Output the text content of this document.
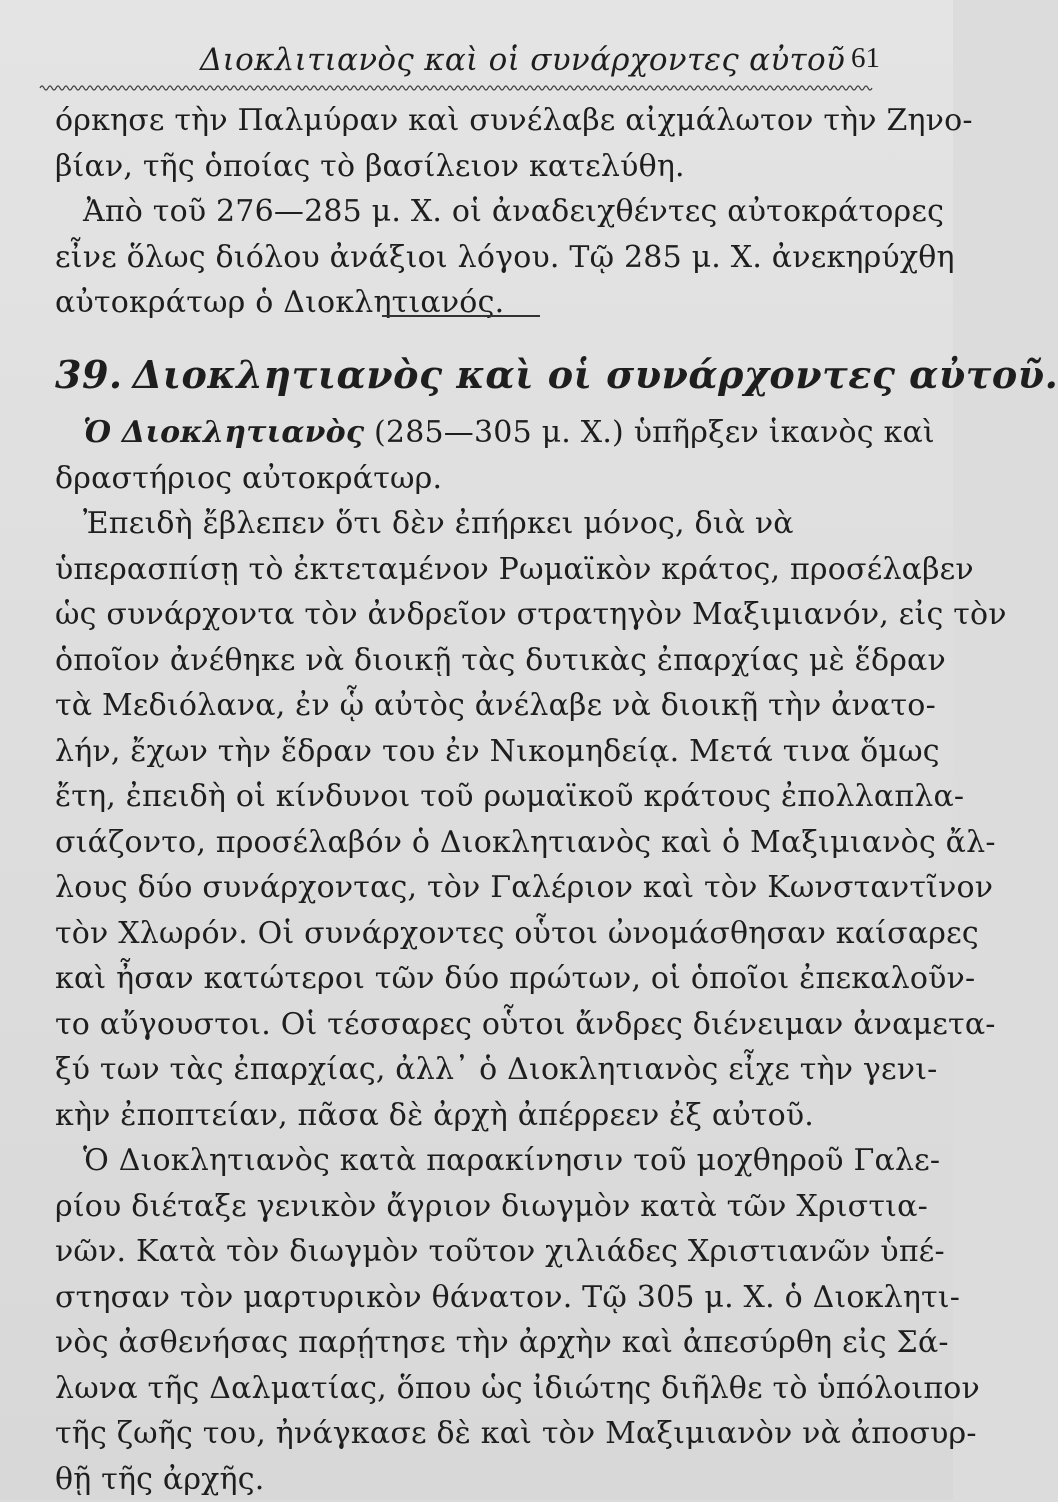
Διοκλιτιανὸς καὶ οἱ συνάρχοντες αὐτοῦ 61
όρκησε τὴν Παλμύραν καὶ συνέλαβε αἰχμάλωτον τὴν Ζηνο-
βίαν, τῆς ὁποίας τὸ βασίλειον κατελύθη.
Ἀπὸ τοῦ 276—285 μ. Χ. οἱ ἀναδειχθέντες αὐτοκράτορες
εἶνε ὅλως διόλου ἀνάξιοι λόγου. Τῷ 285 μ. Χ. ἀνεκηρύχθη
αὐτοκράτωρ ὁ Διοκλητιανός.
39. Διοκλητιανὸς καὶ οἱ συνάρχοντες αὐτοῦ.
Ὁ Διοκλητιανὸς (285—305 μ. Χ.) ὑπῆρξεν ἱκανὸς καὶ
δραστήριος αὐτοκράτωρ.
Ἐπειδὴ ἔβλεπεν ὅτι δὲν ἐπήρκει μόνος, διὰ νὰ
ὑπερασπίσῃ τὸ ἐκτεταμένον Ρωμαϊκὸν κράτος, προσέλαβεν
ὡς συνάρχοντα τὸν ἀνδρεῖον στρατηγὸν Μαξιμιανόν, εἰς τὸν
ὁποῖον ἀνέθηκε νὰ διοικῇ τὰς δυτικὰς ἐπαρχίας μὲ ἕδραν
τὰ Μεδιόλανα, ἐν ᾧ αὐτὸς ἀνέλαβε νὰ διοικῇ τὴν ἀνατο-
λήν, ἔχων τὴν ἕδραν του ἐν Νικομηδείᾳ. Μετά τινα ὅμως
ἔτη, ἐπειδὴ οἱ κίνδυνοι τοῦ ρωμαϊκοῦ κράτους ἐπολλαπλα-
σιάζοντο, προσέλαβόν ὁ Διοκλητιανὸς καὶ ὁ Μαξιμιανὸς ἄλ-
λους δύο συνάρχοντας, τὸν Γαλέριον καὶ τὸν Κωνσταντῖνον
τὸν Χλωρόν. Οἱ συνάρχοντες οὗτοι ὠνομάσθησαν καίσαρες
καὶ ἦσαν κατώτεροι τῶν δύο πρώτων, οἱ ὁποῖοι ἐπεκαλοῦν-
το αὔγουστοι. Οἱ τέσσαρες οὗτοι ἄνδρες διένειμαν ἀναμετα-
ξύ των τὰς ἐπαρχίας, ἀλλ᾽ ὁ Διοκλητιανὸς εἶχε τὴν γενι-
κὴν ἐποπτείαν, πᾶσα δὲ ἀρχὴ ἀπέρρεεν ἐξ αὐτοῦ.
Ὁ Διοκλητιανὸς κατὰ παρακίνησιν τοῦ μοχθηροῦ Γαλε-
ρίου διέταξε γενικὸν ἄγριον διωγμὸν κατὰ τῶν Χριστια-
νῶν. Κατὰ τὸν διωγμὸν τοῦτον χιλιάδες Χριστιανῶν ὑπέ-
στησαν τὸν μαρτυρικὸν θάνατον. Τῷ 305 μ. Χ. ὁ Διοκλητι-
νὸς ἀσθενήσας παρῄτησε τὴν ἀρχὴν καὶ ἀπεσύρθη εἰς Σά-
λωνα τῆς Δαλματίας, ὅπου ὡς ἰδιώτης διῆλθε τὸ ὑπόλοιπον
τῆς ζωῆς του, ἠνάγκασε δὲ καὶ τὸν Μαξιμιανὸν νὰ ἀποσυρ-
θῇ τῆς ἀρχῆς.
